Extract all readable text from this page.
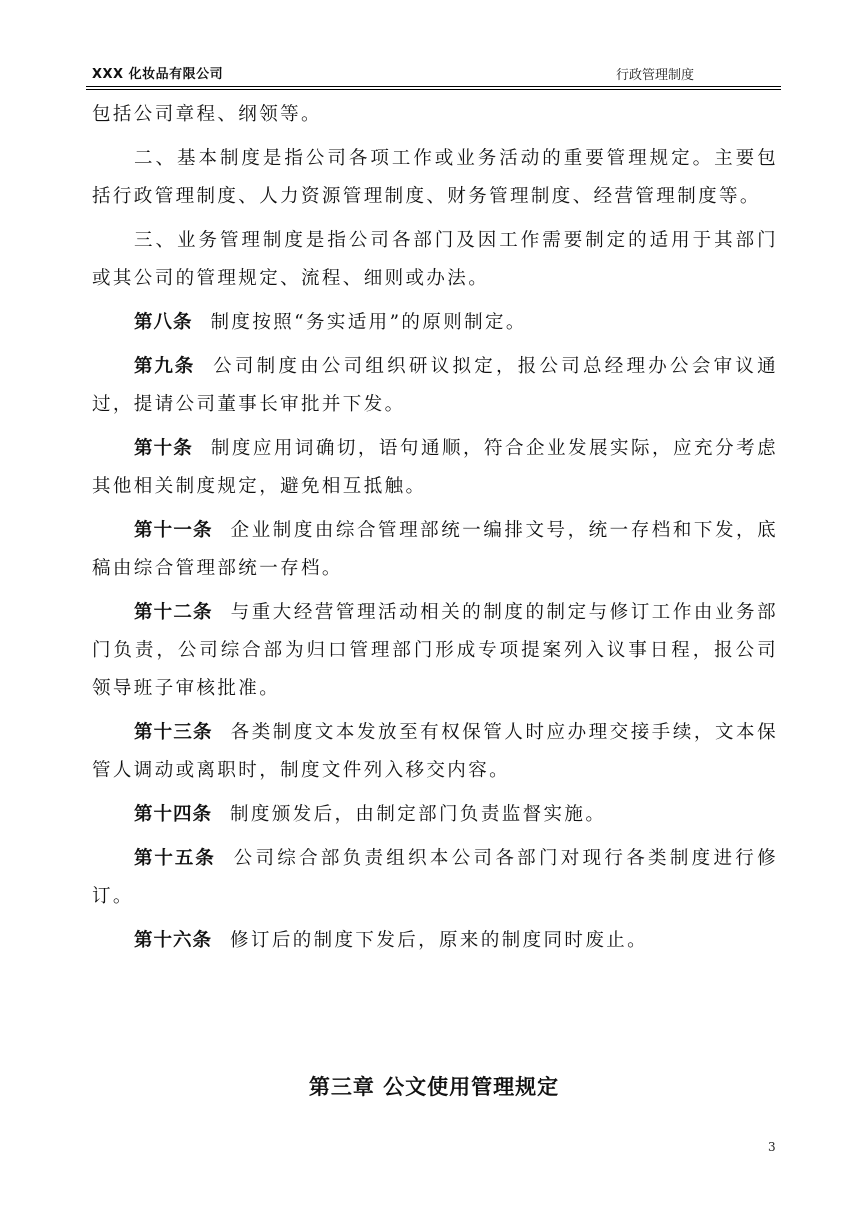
XXX 化妆品有限公司	行政管理制度

包括公司章程、纲领等。

二、基本制度是指公司各项工作或业务活动的重要管理规定。主要包括行政管理制度、人力资源管理制度、财务管理制度、经营管理制度等。

三、业务管理制度是指公司各部门及因工作需要制定的适用于其部门或其公司的管理规定、流程、细则或办法。

第八条 制度按照“务实适用”的原则制定。

第九条 公司制度由公司组织研议拟定，报公司总经理办公会审议通过，提请公司董事长审批并下发。

第十条 制度应用词确切，语句通顺，符合企业发展实际，应充分考虑其他相关制度规定，避免相互抵触。

第十一条 企业制度由综合管理部统一编排文号，统一存档和下发，底稿由综合管理部统一存档。

第十二条 与重大经营管理活动相关的制度的制定与修订工作由业务部门负责，公司综合部为归口管理部门形成专项提案列入议事日程，报公司领导班子审核批准。

第十三条 各类制度文本发放至有权保管人时应办理交接手续，文本保管人调动或离职时，制度文件列入移交内容。

第十四条 制度颁发后，由制定部门负责监督实施。

第十五条 公司综合部负责组织本公司各部门对现行各类制度进行修订。

第十六条 修订后的制度下发后，原来的制度同时废止。

第三章 公文使用管理规定
3
